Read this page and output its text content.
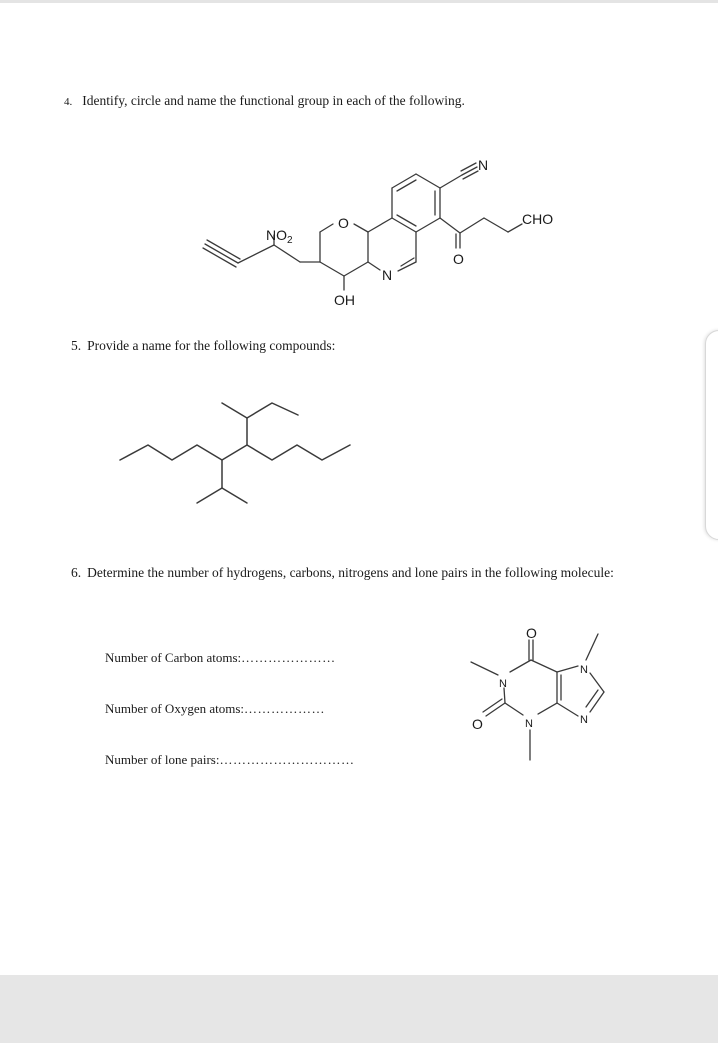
4. Identify, circle and name the functional group in each of the following.
$NO_2$
O
OH
N
N
CHO
O
5. Provide a name for the following compounds:
6. Determine the number of hydrogens, carbons, nitrogens and lone pairs in the following molecule:
Number of Carbon atoms:…………………
Number of Oxygen atoms:………………
Number of lone pairs:…………………………
O
O
N
N
N
N
